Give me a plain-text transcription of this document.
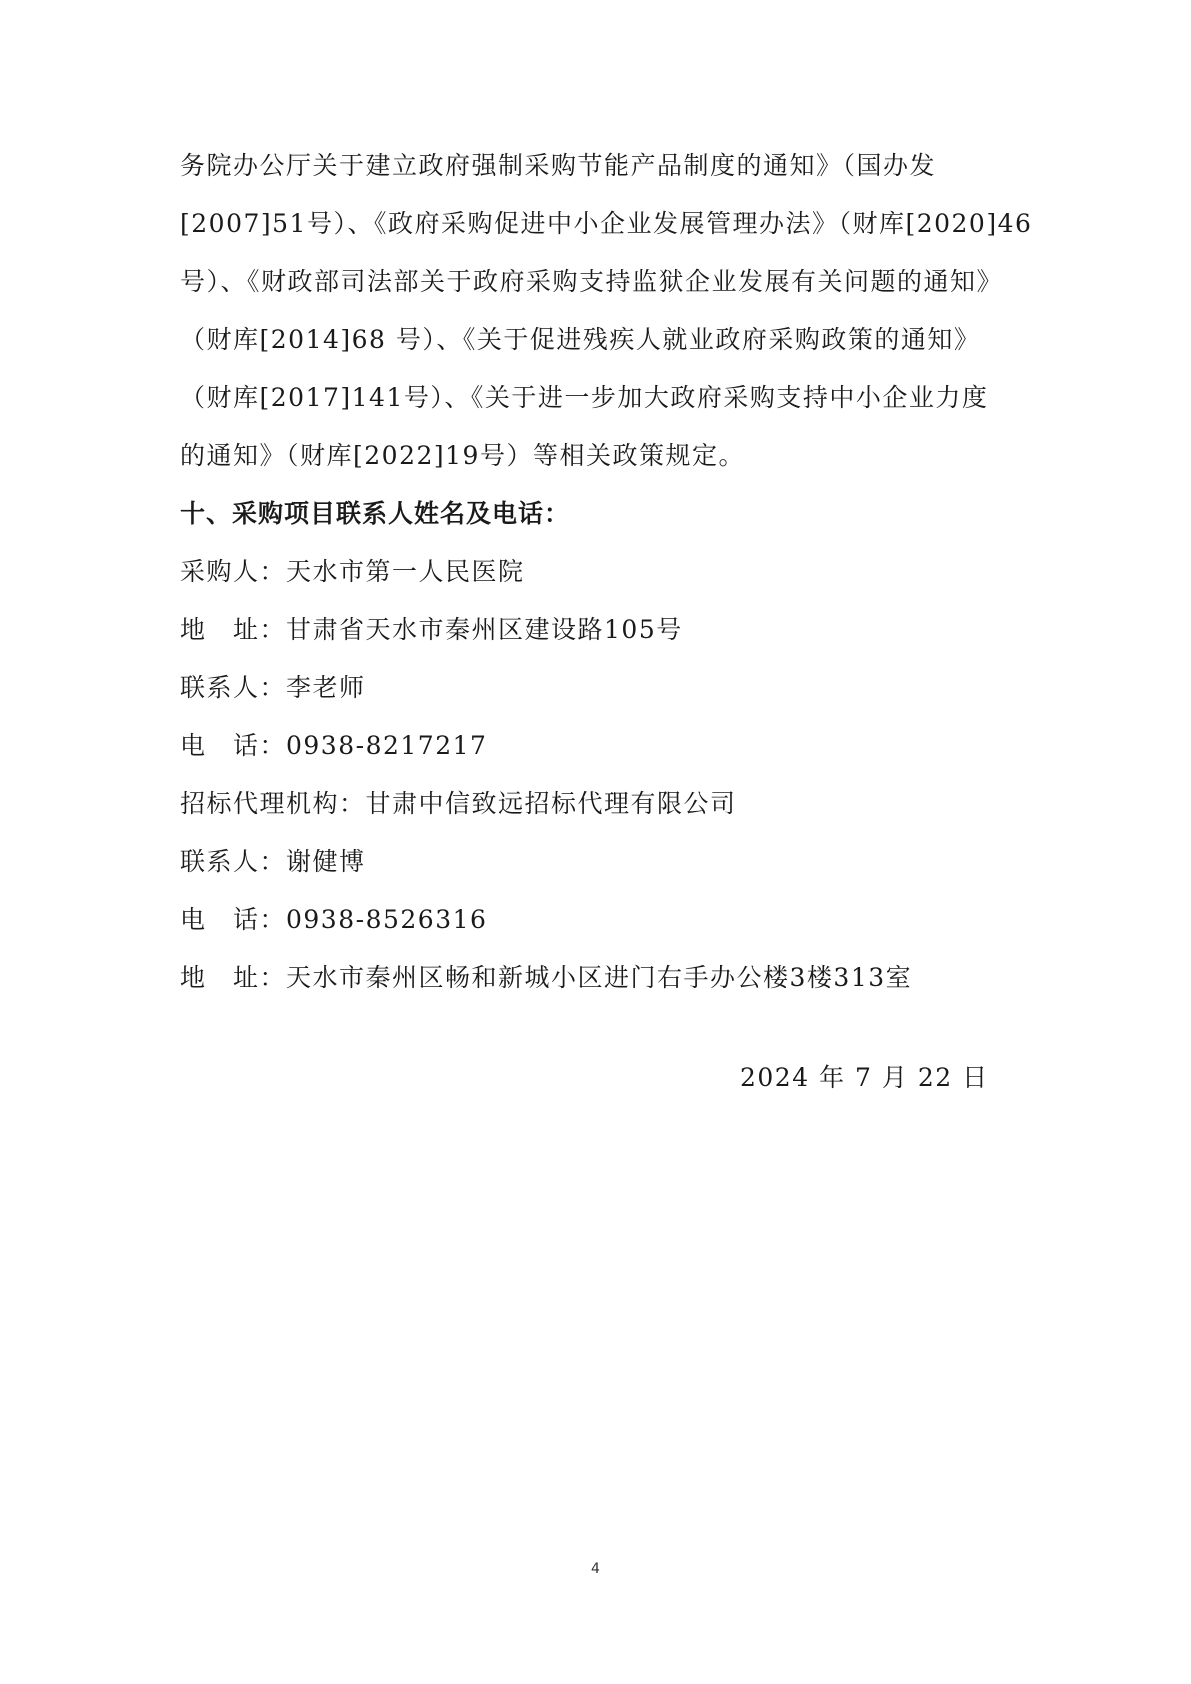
务院办公厅关于建立政府强制采购节能产品制度的通知》（国办发
[2007]51号）、《政府采购促进中小企业发展管理办法》（财库[2020]46
号）、《财政部司法部关于政府采购支持监狱企业发展有关问题的通知》
（财库[2014]68 号）、《关于促进残疾人就业政府采购政策的通知》
（财库[2017]141号）、《关于进一步加大政府采购支持中小企业力度
的通知》（财库[2022]19号）等相关政策规定。
十、采购项目联系人姓名及电话：
采购人：天水市第一人民医院
地　址：甘肃省天水市秦州区建设路105号
联系人：李老师
电　话：0938-8217217
招标代理机构：甘肃中信致远招标代理有限公司
联系人：谢健博
电　话：0938-8526316
地　址：天水市秦州区畅和新城小区进门右手办公楼3楼313室
2024 年 7 月 22 日
4
